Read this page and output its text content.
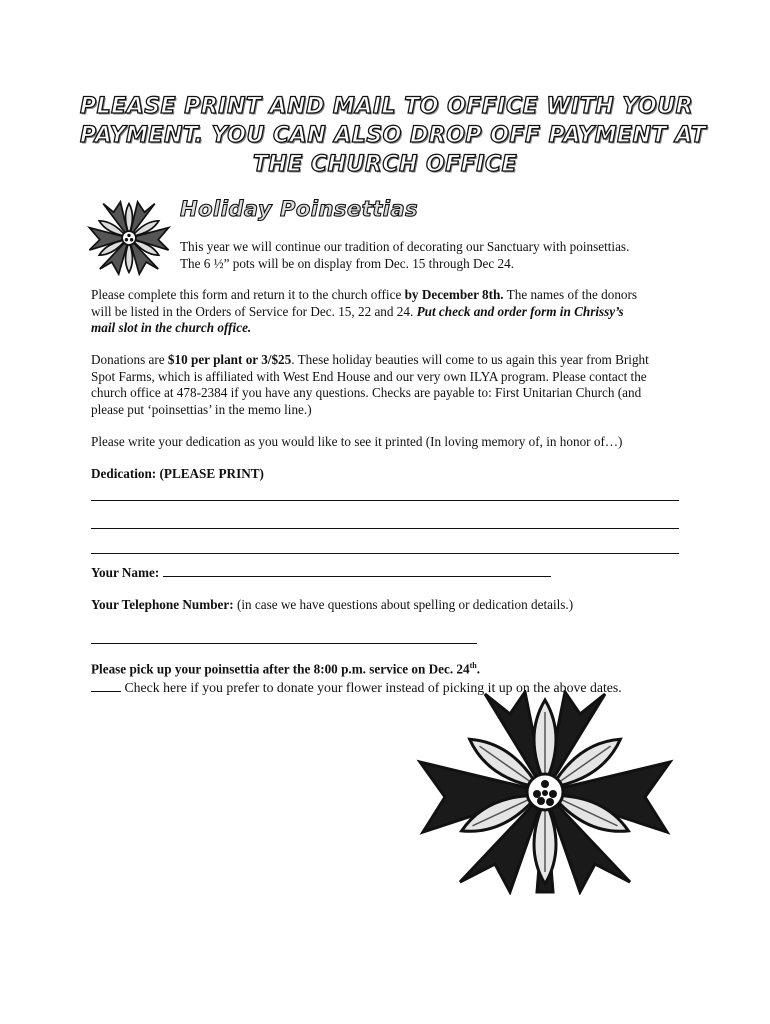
PLEASE PRINT AND MAIL TO OFFICE WITH YOUR
PAYMENT. YOU CAN ALSO DROP OFF PAYMENT AT
THE CHURCH OFFICE
Holiday Poinsettias
This year we will continue our tradition of decorating our Sanctuary with poinsettias.
The 6 ½” pots will be on display from Dec. 15 through Dec 24.
Please complete this form and return it to the church office by December 8th. The names of the donors
will be listed in the Orders of Service for Dec. 15, 22 and 24. Put check and order form in Chrissy’s
mail slot in the church office.
Donations are $10 per plant or 3/$25. These holiday beauties will come to us again this year from Bright
Spot Farms, which is affiliated with West End House and our very own ILYA program. Please contact the
church office at 478-2384 if you have any questions. Checks are payable to: First Unitarian Church (and
please put ‘poinsettias’ in the memo line.)
Please write your dedication as you would like to see it printed (In loving memory of, in honor of…)
Dedication: (PLEASE PRINT)
Your Name:
Your Telephone Number: (in case we have questions about spelling or dedication details.)
Please pick up your poinsettia after the 8:00 p.m. service on Dec. 24th.
Check here if you prefer to donate your flower instead of picking it up on the above dates.
